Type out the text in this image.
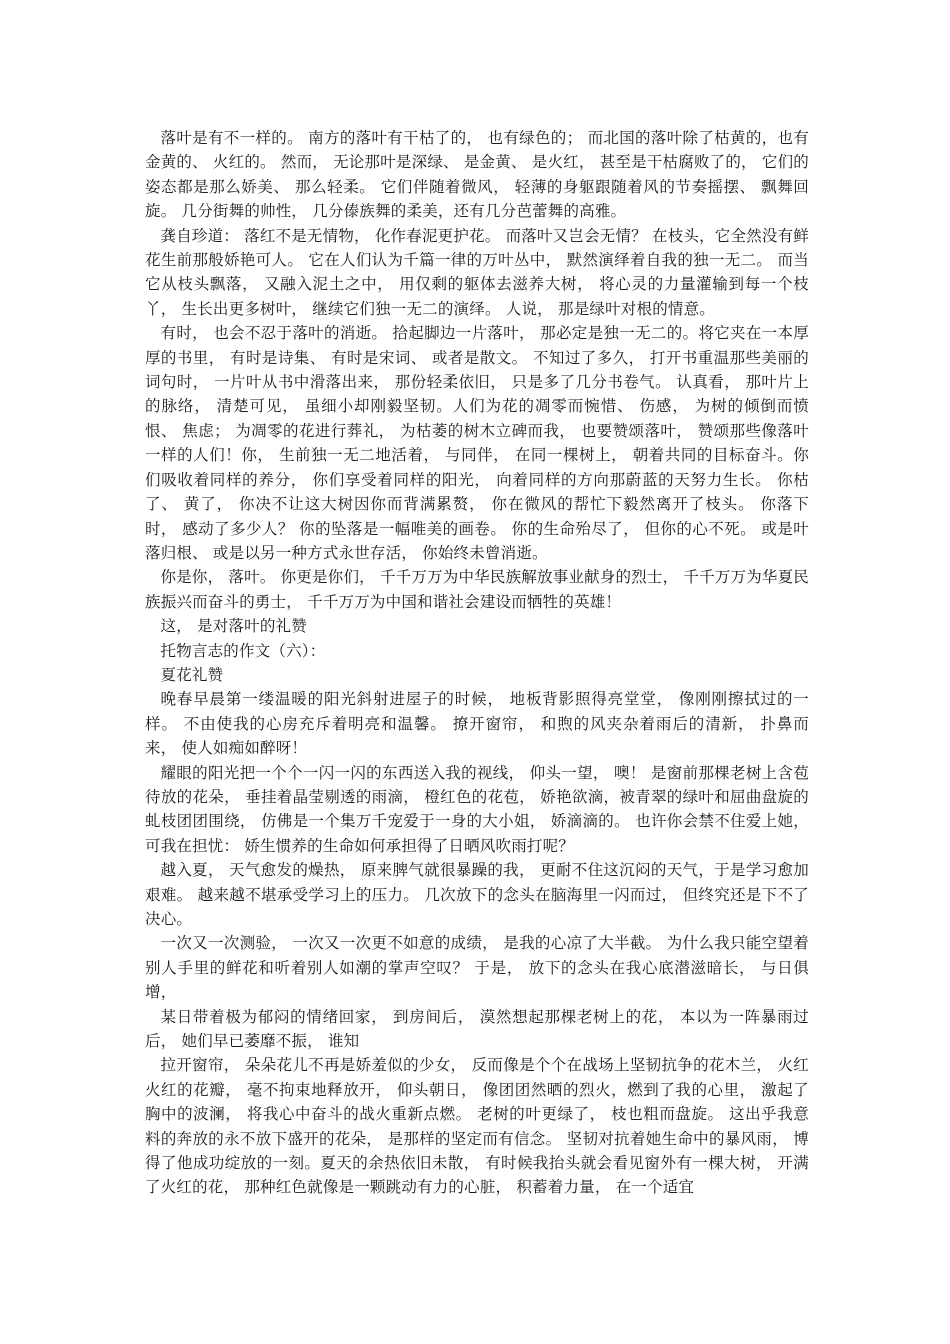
落叶是有不一样的。 南方的落叶有干枯了的， 也有绿色的； 而北国的落叶除了枯黄的，也有金黄的、 火红的。 然而， 无论那叶是深绿、 是金黄、 是火红， 甚至是干枯腐败了的， 它们的姿态都是那么娇美、 那么轻柔。 它们伴随着微风， 轻薄的身躯跟随着风的节奏摇摆、 飘舞回旋。 几分街舞的帅性， 几分傣族舞的柔美，还有几分芭蕾舞的高雅。

龚自珍道： 落红不是无情物， 化作春泥更护花。 而落叶又岂会无情？ 在枝头，它全然没有鲜花生前那般娇艳可人。 它在人们认为千篇一律的万叶丛中， 默然演绎着自我的独一无二。 而当它从枝头飘落， 又融入泥土之中， 用仅剩的躯体去滋养大树， 将心灵的力量灌输到每一个枝丫， 生长出更多树叶， 继续它们独一无二的演绎。 人说， 那是绿叶对根的情意。

有时， 也会不忍于落叶的消逝。 拾起脚边一片落叶， 那必定是独一无二的。将它夹在一本厚厚的书里， 有时是诗集、 有时是宋词、 或者是散文。 不知过了多久， 打开书重温那些美丽的词句时， 一片叶从书中滑落出来， 那份轻柔依旧， 只是多了几分书卷气。 认真看， 那叶片上的脉络， 清楚可见， 虽细小却刚毅坚韧。人们为花的凋零而惋惜、 伤感， 为树的倾倒而愤恨、 焦虑； 为凋零的花进行葬礼， 为枯萎的树木立碑而我， 也要赞颂落叶， 赞颂那些像落叶一样的人们！你， 生前独一无二地活着， 与同伴， 在同一棵树上， 朝着共同的目标奋斗。你们吸收着同样的养分， 你们享受着同样的阳光， 向着同样的方向那蔚蓝的天努力生长。 你枯了、 黄了， 你决不让这大树因你而背满累赘， 你在微风的帮忙下毅然离开了枝头。 你落下时， 感动了多少人？ 你的坠落是一幅唯美的画卷。 你的生命殆尽了， 但你的心不死。 或是叶落归根、 或是以另一种方式永世存活， 你始终未曾消逝。

你是你， 落叶。 你更是你们， 千千万万为中华民族解放事业献身的烈士， 千千万万为华夏民族振兴而奋斗的勇士， 千千万万为中国和谐社会建设而牺牲的英雄！

这， 是对落叶的礼赞

托物言志的作文（六）：

夏花礼赞

晚春早晨第一缕温暖的阳光斜射进屋子的时候， 地板背影照得亮堂堂， 像刚刚擦拭过的一样。 不由使我的心房充斥着明亮和温馨。 撩开窗帘， 和煦的风夹杂着雨后的清新， 扑鼻而来， 使人如痴如醉呀！

耀眼的阳光把一个个一闪一闪的东西送入我的视线， 仰头一望， 噢！ 是窗前那棵老树上含苞待放的花朵， 垂挂着晶莹剔透的雨滴， 橙红色的花苞， 娇艳欲滴，被青翠的绿叶和屈曲盘旋的虬枝团团围绕， 仿佛是一个集万千宠爱于一身的大小姐， 娇滴滴的。 也许你会禁不住爱上她， 可我在担忧： 娇生惯养的生命如何承担得了日晒风吹雨打呢？

越入夏， 天气愈发的燥热， 原来脾气就很暴躁的我， 更耐不住这沉闷的天气，于是学习愈加艰难。 越来越不堪承受学习上的压力。 几次放下的念头在脑海里一闪而过， 但终究还是下不了决心。

一次又一次测验， 一次又一次更不如意的成绩， 是我的心凉了大半截。 为什么我只能空望着别人手里的鲜花和听着别人如潮的掌声空叹？ 于是， 放下的念头在我心底潜滋暗长， 与日俱增，

某日带着极为郁闷的情绪回家， 到房间后， 漠然想起那棵老树上的花， 本以为一阵暴雨过后， 她们早已萎靡不振， 谁知

拉开窗帘， 朵朵花儿不再是娇羞似的少女， 反而像是个个在战场上坚韧抗争的花木兰， 火红火红的花瓣， 毫不拘束地释放开， 仰头朝日， 像团团然晒的烈火，燃到了我的心里， 激起了胸中的波澜， 将我心中奋斗的战火重新点燃。 老树的叶更绿了， 枝也粗而盘旋。 这出乎我意料的奔放的永不放下盛开的花朵， 是那样的坚定而有信念。 坚韧对抗着她生命中的暴风雨， 博得了他成功绽放的一刻。夏天的余热依旧未散， 有时候我抬头就会看见窗外有一棵大树， 开满了火红的花， 那种红色就像是一颗跳动有力的心脏， 积蓄着力量， 在一个适宜
